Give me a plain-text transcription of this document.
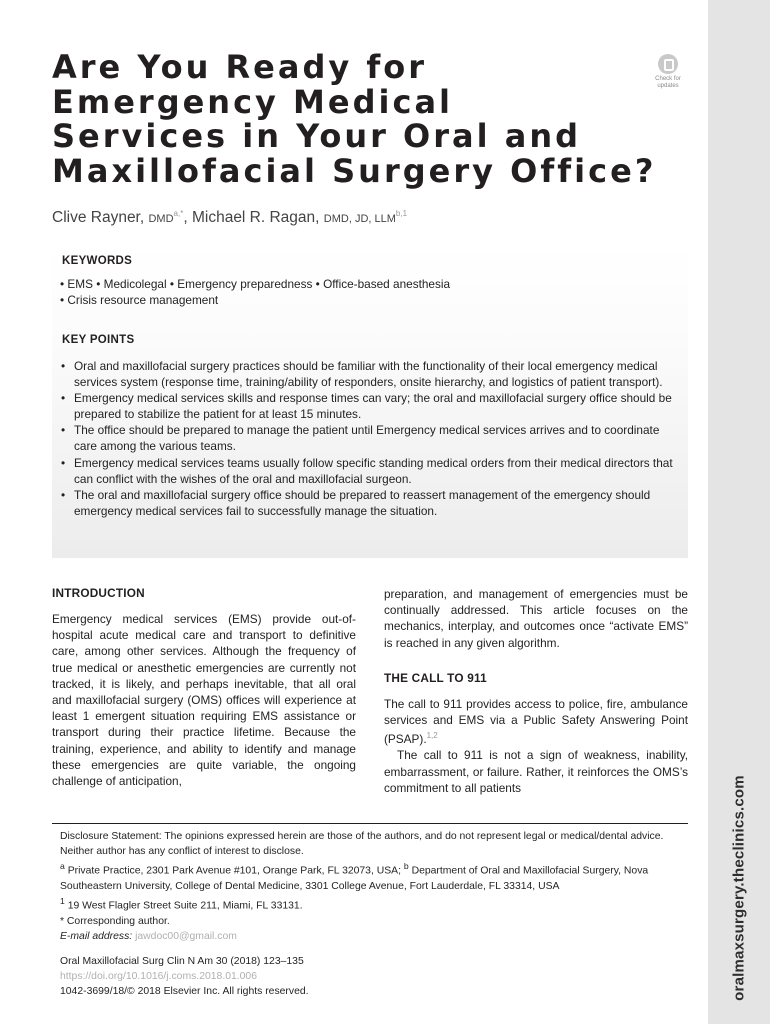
oralmaxsurgery.theclinics.com
Are You Ready for
Emergency Medical
Services in Your Oral and
Maxillofacial Surgery Office?
Check for
updates
Clive Rayner, $DMD^{a,*}$, Michael R. Ragan, DMD, JD, LLM$^{b,1}$
KEYWORDS
• EMS • Medicolegal • Emergency preparedness • Office-based anesthesia
• Crisis resource management
KEY POINTS
• Oral and maxillofacial surgery practices should be familiar with the functionality of their local emergency medical services system (response time, training/ability of responders, onsite hierarchy, and logistics of patient transport).
• Emergency medical services skills and response times can vary; the oral and maxillofacial surgery office should be prepared to stabilize the patient for at least 15 minutes.
• The office should be prepared to manage the patient until Emergency medical services arrives and to coordinate care among the various teams.
• Emergency medical services teams usually follow specific standing medical orders from their medical directors that can conflict with the wishes of the oral and maxillofacial surgeon.
• The oral and maxillofacial surgery office should be prepared to reassert management of the emergency should emergency medical services fail to successfully manage the situation.
INTRODUCTION

Emergency medical services (EMS) provide out-of-hospital acute medical care and transport to definitive care, among other services. Although the frequency of true medical or anesthetic emergencies are currently not tracked, it is likely, and perhaps inevitable, that all oral and maxillofacial surgery (OMS) offices will experience at least 1 emergent situation requiring EMS assistance or transport during their practice lifetime. Because the training, experience, and ability to identify and manage these emergencies are quite variable, the ongoing challenge of anticipation,

preparation, and management of emergencies must be continually addressed. This article focuses on the mechanics, interplay, and outcomes once “activate EMS” is reached in any given algorithm.

THE CALL TO 911

The call to 911 provides access to police, fire, ambulance services and EMS via a Public Safety Answering Point (PSAP).$^{1,2}$

The call to 911 is not a sign of weakness, inability, embarrassment, or failure. Rather, it reinforces the OMS’s commitment to all patients

Disclosure Statement: The opinions expressed herein are those of the authors, and do not represent legal or medical/dental advice. Neither author has any conflict of interest to disclose.

$^a$ Private Practice, 2301 Park Avenue #101, Orange Park, FL 32073, USA; $^b$ Department of Oral and Maxillofacial Surgery, Nova Southeastern University, College of Dental Medicine, 3301 College Avenue, Fort Lauderdale, FL 33314, USA

$^1$ 19 West Flagler Street Suite 211, Miami, FL 33131.

* Corresponding author.

E-mail address: jawdoc00@gmail.com

Oral Maxillofacial Surg Clin N Am 30 (2018) 123–135

https://doi.org/10.1016/j.coms.2018.01.006

1042-3699/18/© 2018 Elsevier Inc. All rights reserved.
